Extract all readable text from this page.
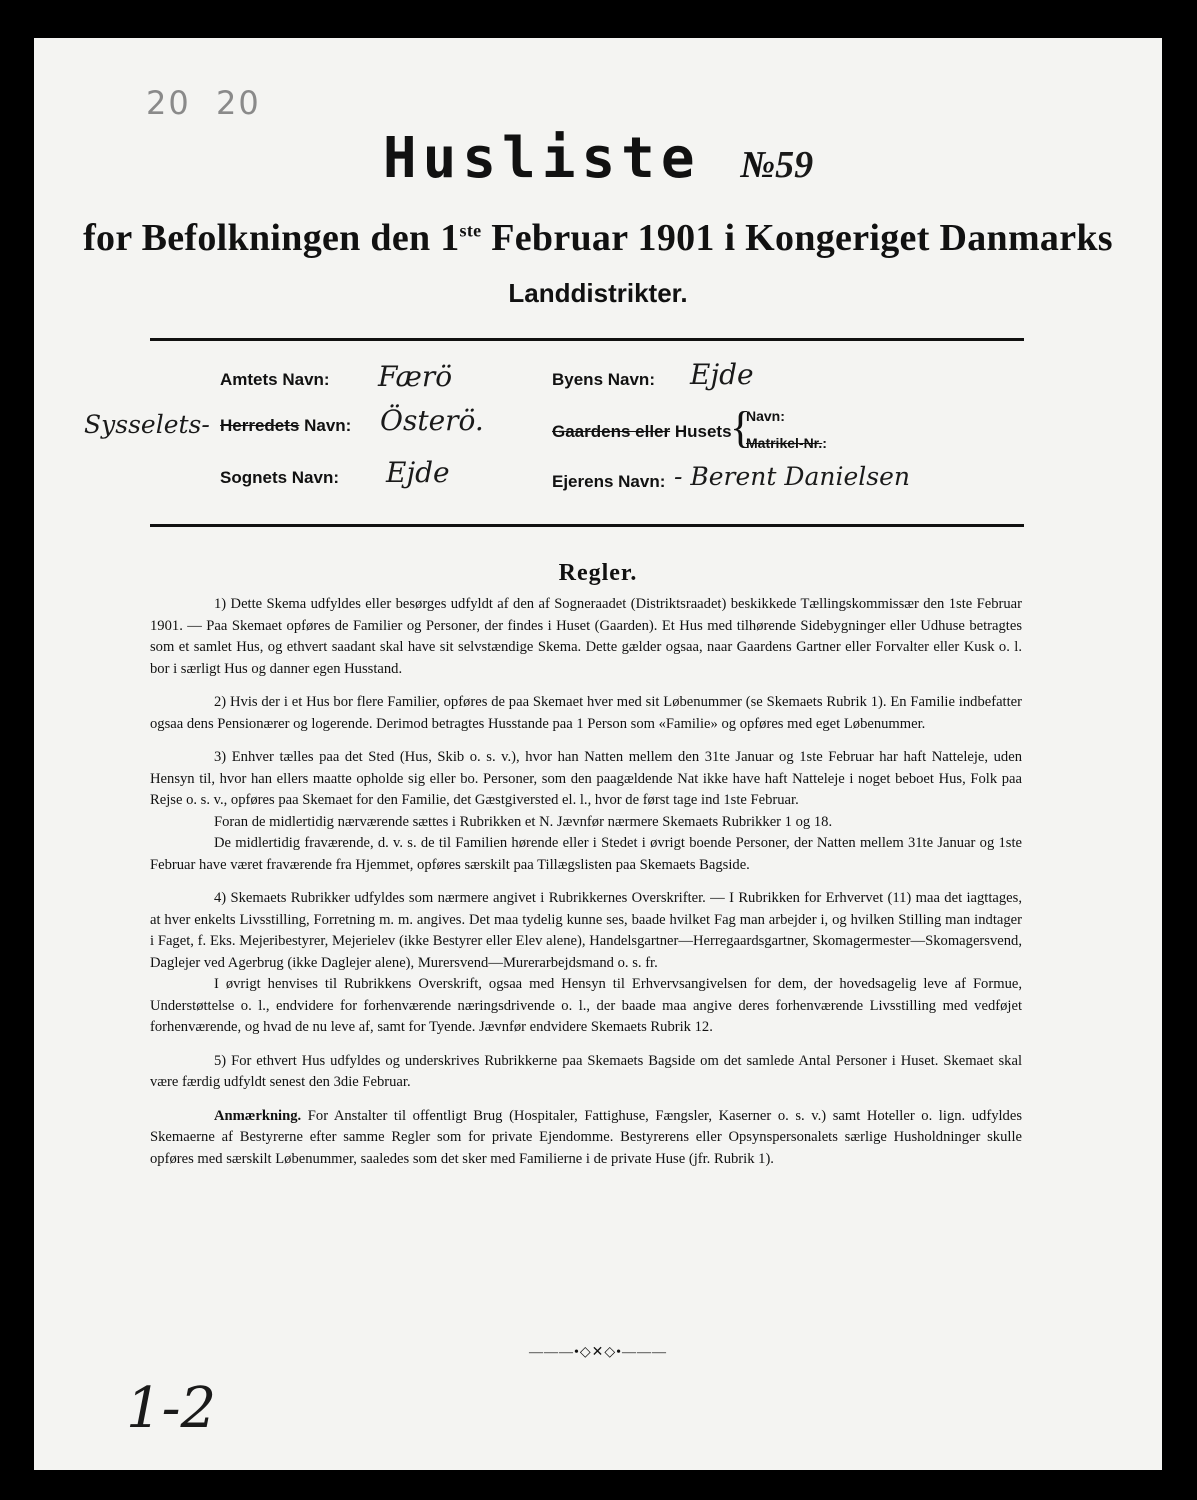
20 20
Husliste №59
for Befolkningen den 1ste Februar 1901 i Kongeriget Danmarks
Landdistrikter.
Amtets Navn: Færö
Sysselets- Herredets Navn: Österö.
Sognets Navn: Ejde
Byens Navn: Ejde
Gaardens eller Husets
{
Navn:
Matrikel-Nr.:
Ejerens Navn: - Berent Danielsen
Regler.

1) Dette Skema udfyldes eller besørges udfyldt af den af Sogneraadet (Distriktsraadet) beskikkede Tællingskommissær den 1ste Februar 1901. — Paa Skemaet opføres de Familier og Personer, der findes i Huset (Gaarden). Et Hus med tilhørende Sidebygninger eller Udhuse betragtes som et samlet Hus, og ethvert saadant skal have sit selvstændige Skema. Dette gælder ogsaa, naar Gaardens Gartner eller Forvalter eller Kusk o. l. bor i særligt Hus og danner egen Husstand.

2) Hvis der i et Hus bor flere Familier, opføres de paa Skemaet hver med sit Løbenummer (se Skemaets Rubrik 1). En Familie indbefatter ogsaa dens Pensionærer og logerende. Derimod betragtes Husstande paa 1 Person som «Familie» og opføres med eget Løbenummer.

3) Enhver tælles paa det Sted (Hus, Skib o. s. v.), hvor han Natten mellem den 31te Januar og 1ste Februar har haft Natteleje, uden Hensyn til, hvor han ellers maatte opholde sig eller bo. Personer, som den paagældende Nat ikke have haft Natteleje i noget beboet Hus, Folk paa Rejse o. s. v., opføres paa Skemaet for den Familie, det Gæstgiversted el. l., hvor de først tage ind 1ste Februar.

Foran de midlertidig nærværende sættes i Rubrikken et N. Jævnfør nærmere Skemaets Rubrikker 1 og 18.

De midlertidig fraværende, d. v. s. de til Familien hørende eller i Stedet i øvrigt boende Personer, der Natten mellem 31te Januar og 1ste Februar have været fraværende fra Hjemmet, opføres særskilt paa Tillægslisten paa Skemaets Bagside.

4) Skemaets Rubrikker udfyldes som nærmere angivet i Rubrikkernes Overskrifter. — I Rubrikken for Erhvervet (11) maa det iagttages, at hver enkelts Livsstilling, Forretning m. m. angives. Det maa tydelig kunne ses, baade hvilket Fag man arbejder i, og hvilken Stilling man indtager i Faget, f. Eks. Mejeribestyrer, Mejerielev (ikke Bestyrer eller Elev alene), Handelsgartner—Herregaardsgartner, Skomagermester—Skomagersvend, Daglejer ved Agerbrug (ikke Daglejer alene), Murersvend—Murerarbejdsmand o. s. fr.

I øvrigt henvises til Rubrikkens Overskrift, ogsaa med Hensyn til Erhvervsangivelsen for dem, der hovedsagelig leve af Formue, Understøttelse o. l., endvidere for forhenværende næringsdrivende o. l., der baade maa angive deres forhenværende Livsstilling med vedføjet forhenværende, og hvad de nu leve af, samt for Tyende. Jævnfør endvidere Skemaets Rubrik 12.

5) For ethvert Hus udfyldes og underskrives Rubrikkerne paa Skemaets Bagside om det samlede Antal Personer i Huset. Skemaet skal være færdig udfyldt senest den 3die Februar.

Anmærkning. For Anstalter til offentligt Brug (Hospitaler, Fattighuse, Fængsler, Kaserner o. s. v.) samt Hoteller o. lign. udfyldes Skemaerne af Bestyrerne efter samme Regler som for private Ejendomme. Bestyrerens eller Opsynspersonalets særlige Husholdninger skulle opføres med særskilt Løbenummer, saaledes som det sker med Familierne i de private Huse (jfr. Rubrik 1).

———•◇✕◇•———
1-2
